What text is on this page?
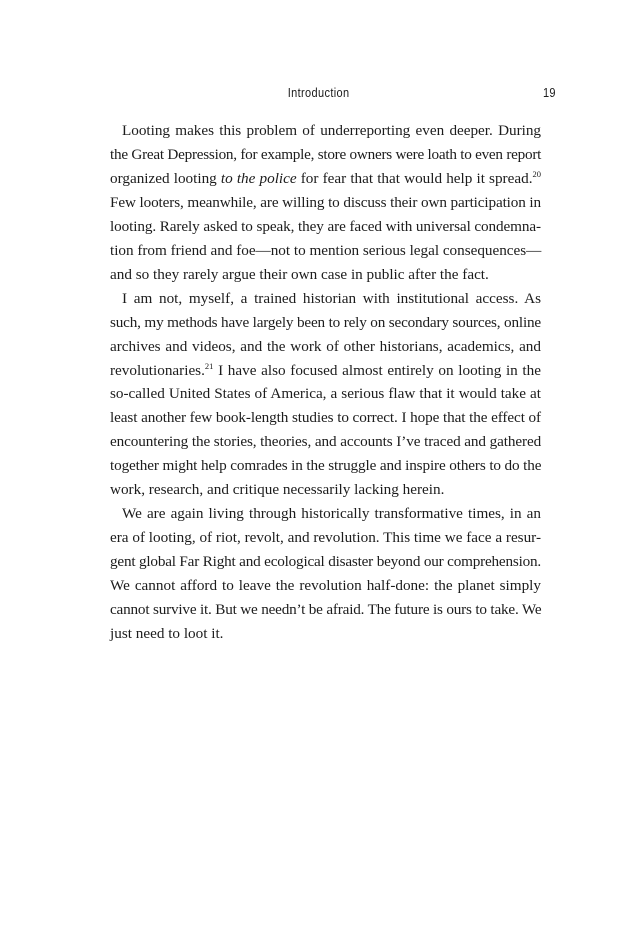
Introduction	19

Looting makes this problem of underreporting even deeper. During
the Great Depression, for example, store owners were loath to even report
organized looting to the police for fear that that would help it spread.$^{20}$
Few looters, meanwhile, are willing to discuss their own participation in
looting. Rarely asked to speak, they are faced with universal condemna-
tion from friend and foe—not to mention serious legal consequences—
and so they rarely argue their own case in public after the fact.

I am not, myself, a trained historian with institutional access. As
such, my methods have largely been to rely on secondary sources, online
archives and videos, and the work of other historians, academics, and
revolutionaries.$^{21}$ I have also focused almost entirely on looting in the
so-called United States of America, a serious flaw that it would take at
least another few book-length studies to correct. I hope that the effect of
encountering the stories, theories, and accounts I’ve traced and gathered
together might help comrades in the struggle and inspire others to do the
work, research, and critique necessarily lacking herein.

We are again living through historically transformative times, in an
era of looting, of riot, revolt, and revolution. This time we face a resur-
gent global Far Right and ecological disaster beyond our comprehension.
We cannot afford to leave the revolution half-done: the planet simply
cannot survive it. But we needn’t be afraid. The future is ours to take. We
just need to loot it.
